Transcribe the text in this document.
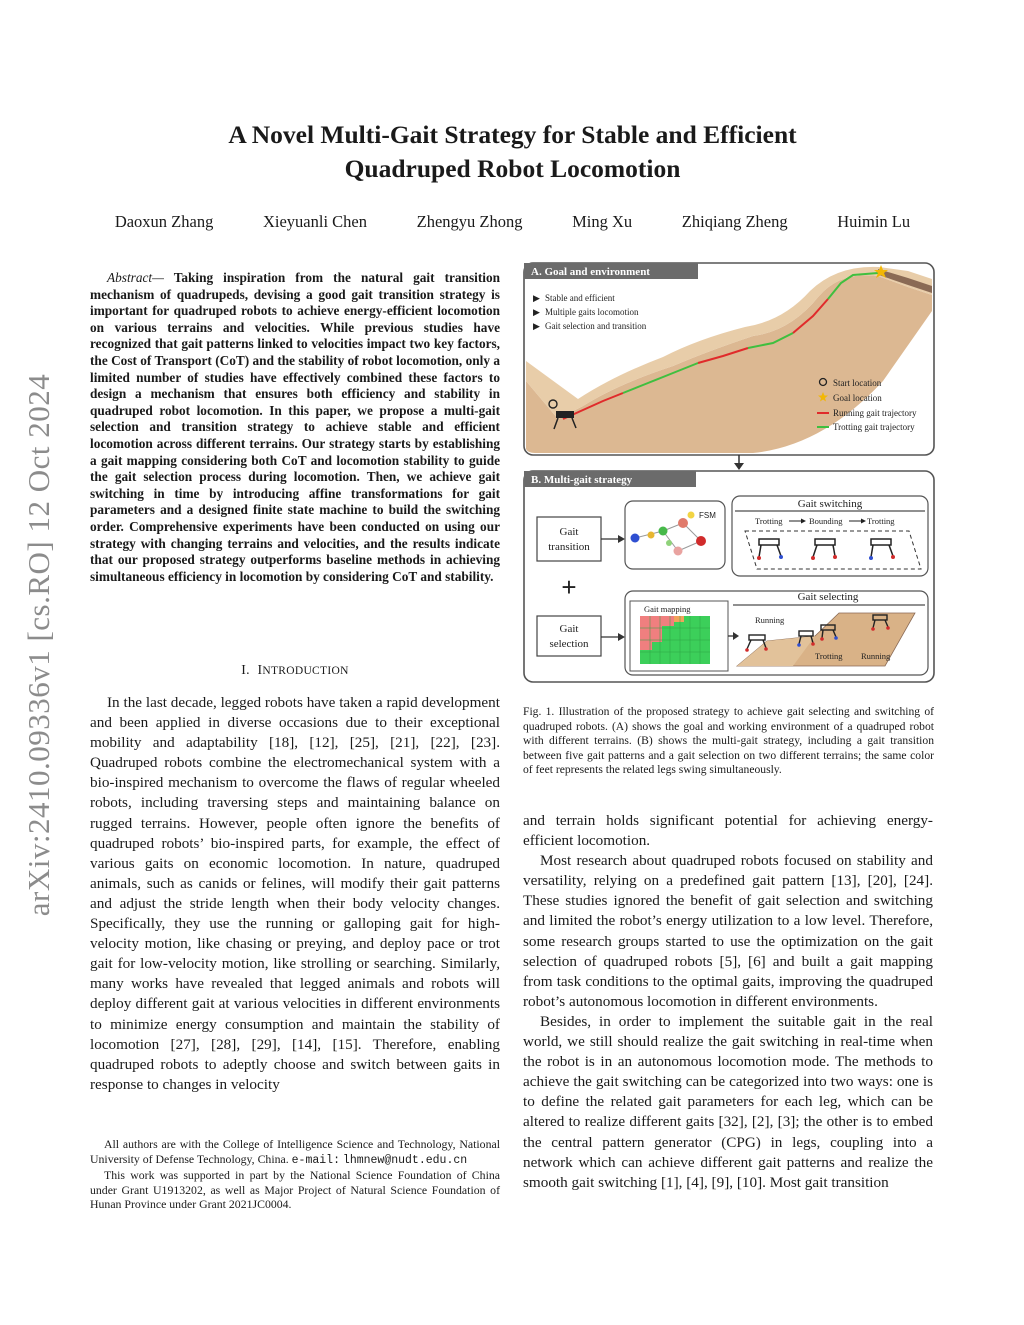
arXiv:2410.09336v1 [cs.RO] 12 Oct 2024
A Novel Multi-Gait Strategy for Stable and Efficient
Quadruped Robot Locomotion
Daoxun Zhang	Xieyuanli Chen	Zhengyu Zhong	Ming Xu	Zhiqiang Zheng	Huimin Lu

Abstract— Taking inspiration from the natural gait transition mechanism of quadrupeds, devising a good gait transition strategy is important for quadruped robots to achieve energy-efficient locomotion on various terrains and velocities. While previous studies have recognized that gait patterns linked to velocities impact two key factors, the Cost of Transport (CoT) and the stability of robot locomotion, only a limited number of studies have effectively combined these factors to design a mechanism that ensures both efficiency and stability in quadruped robot locomotion. In this paper, we propose a multi-gait selection and transition strategy to achieve stable and efficient locomotion across different terrains. Our strategy starts by establishing a gait mapping considering both CoT and locomotion stability to guide the gait selection process during locomotion. Then, we achieve gait switching in time by introducing affine transformations for gait parameters and a designed finite state machine to build the switching order. Comprehensive experiments have been conducted on using our strategy with changing terrains and velocities, and the results indicate that our proposed strategy outperforms baseline methods in achieving simultaneous efficiency in locomotion by considering CoT and stability.

I. INTRODUCTION

In the last decade, legged robots have taken a rapid development and been applied in diverse occasions due to their exceptional mobility and adaptability [18], [12], [25], [21], [22], [23]. Quadruped robots combine the electromechanical system with a bio-inspired mechanism to overcome the flaws of regular wheeled robots, including traversing steps and maintaining balance on rugged terrains. However, people often ignore the benefits of quadruped robots’ bio-inspired parts, for example, the effect of various gaits on economic locomotion. In nature, quadruped animals, such as canids or felines, will modify their gait patterns and adjust the stride length when their body velocity changes. Specifically, they use the running or galloping gait for high-velocity motion, like chasing or preying, and deploy pace or trot gait for low-velocity motion, like strolling or searching. Similarly, many works have revealed that legged animals and robots will deploy different gait at various velocities in different environments to minimize energy consumption and maintain the stability of locomotion [27], [28], [29], [14], [15]. Therefore, enabling quadruped robots to adeptly choose and switch between gaits in response to changes in velocity

All authors are with the College of Intelligence Science and Technology, National University of Defense Technology, China. e-mail: lhmnew@nudt.edu.cn

This work was supported in part by the National Science Foundation of China under Grant U1913202, as well as Major Project of Natural Science Foundation of Hunan Province under Grant 2021JC0004.

A. Goal and environment
▶ Stable and efficient
▶ Multiple gaits locomotion
▶ Gait selection and transition
Start location
Goal location
Running gait trajectory
Trotting gait trajectory
B. Multi-gait strategy
Gait
transition
+
Gait
selection
FSM
Gait switching
Trotting	Bounding	Trotting
Gait selecting
Gait mapping
Running
Trotting Running
Fig. 1. Illustration of the proposed strategy to achieve gait selecting and switching of quadruped robots. (A) shows the goal and working environment of a quadruped robot with different terrains. (B) shows the multi-gait strategy, including a gait transition between five gait patterns and a gait selection on two different terrains; the same color of feet represents the related legs swing simultaneously.

and terrain holds significant potential for achieving energy-efficient locomotion.

Most research about quadruped robots focused on stability and versatility, relying on a predefined gait pattern [13], [20], [24]. These studies ignored the benefit of gait selection and switching and limited the robot’s energy utilization to a low level. Therefore, some research groups started to use the optimization on the gait selection of quadruped robots [5], [6] and built a gait mapping from task conditions to the optimal gaits, improving the quadruped robot’s autonomous locomotion in different environments.

Besides, in order to implement the suitable gait in the real world, we still should realize the gait switching in real-time when the robot is in an autonomous locomotion mode. The methods to achieve the gait switching can be categorized into two ways: one is to define the related gait parameters for each leg, which can be altered to realize different gaits [32], [2], [3]; the other is to embed the central pattern generator (CPG) in legs, coupling into a network which can achieve different gait patterns and realize the smooth gait switching [1], [4], [9], [10]. Most gait transition
